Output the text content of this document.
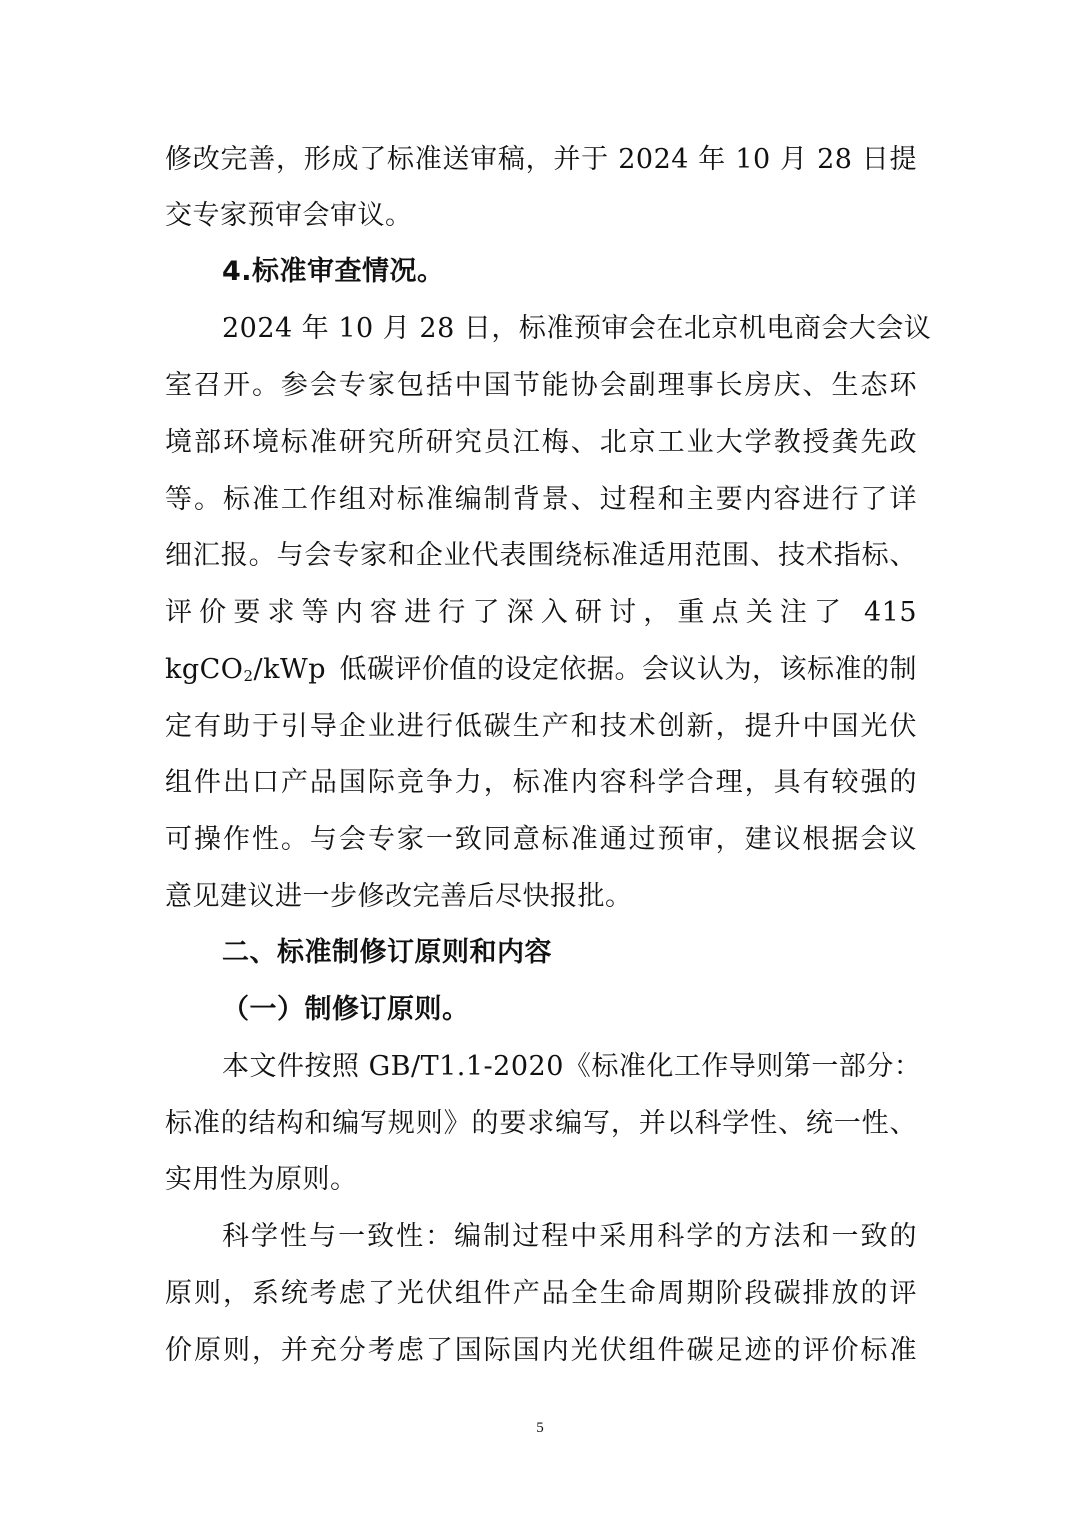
修改完善，形成了标准送审稿，并于 2024 年 10 月 28 日提
交专家预审会审议。
4.标准审查情况。
2024 年 10 月 28 日，标准预审会在北京机电商会大会议
室召开。参会专家包括中国节能协会副理事长房庆、生态环
境部环境标准研究所研究员江梅、北京工业大学教授龚先政
等。标准工作组对标准编制背景、过程和主要内容进行了详
细汇报。与会专家和企业代表围绕标准适用范围、技术指标、
评价要求等内容进行了深入研讨，重点关注了 415
kgCO$_2$/kWp 低碳评价值的设定依据。会议认为，该标准的制
定有助于引导企业进行低碳生产和技术创新，提升中国光伏
组件出口产品国际竞争力，标准内容科学合理，具有较强的
可操作性。与会专家一致同意标准通过预审，建议根据会议
意见建议进一步修改完善后尽快报批。
二、标准制修订原则和内容
（一）制修订原则。
本文件按照 GB/T1.1-2020《标准化工作导则第一部分：
标准的结构和编写规则》的要求编写，并以科学性、统一性、
实用性为原则。
科学性与一致性：编制过程中采用科学的方法和一致的
原则，系统考虑了光伏组件产品全生命周期阶段碳排放的评
价原则，并充分考虑了国际国内光伏组件碳足迹的评价标准
5
